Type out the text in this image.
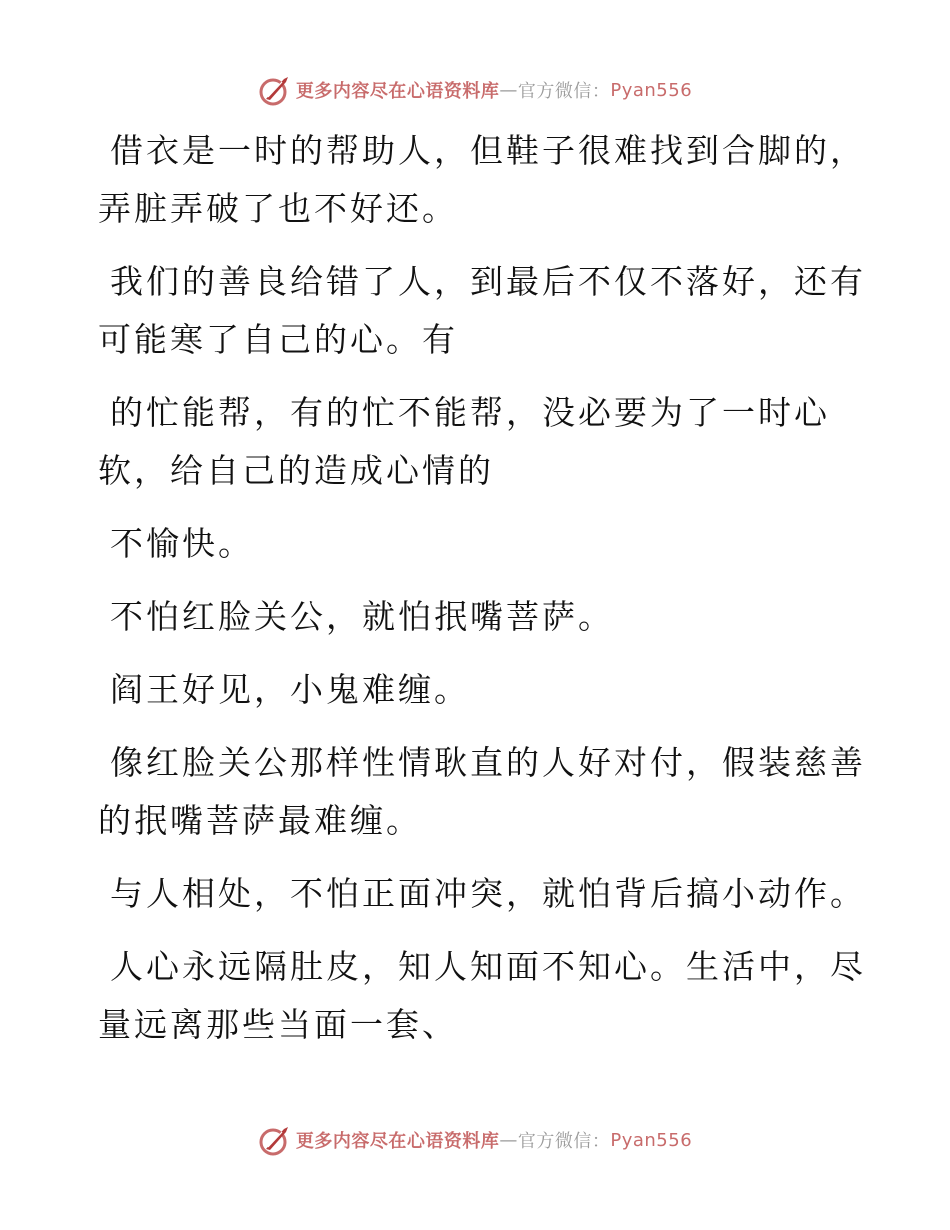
更多内容尽在心语资料库 — 官方微信： Pyan556

借衣是一时的帮助人，但鞋子很难找到合脚的，
弄脏弄破了也不好还。

我们的善良给错了人，到最后不仅不落好，还有
可能寒了自己的心。有

的忙能帮，有的忙不能帮，没必要为了一时心
软，给自己的造成心情的

不愉快。

不怕红脸关公，就怕抿嘴菩萨。

阎王好见，小鬼难缠。

像红脸关公那样性情耿直的人好对付，假装慈善
的抿嘴菩萨最难缠。

与人相处，不怕正面冲突，就怕背后搞小动作。

人心永远隔肚皮，知人知面不知心。生活中，尽
量远离那些当面一套、

更多内容尽在心语资料库 — 官方微信： Pyan556
